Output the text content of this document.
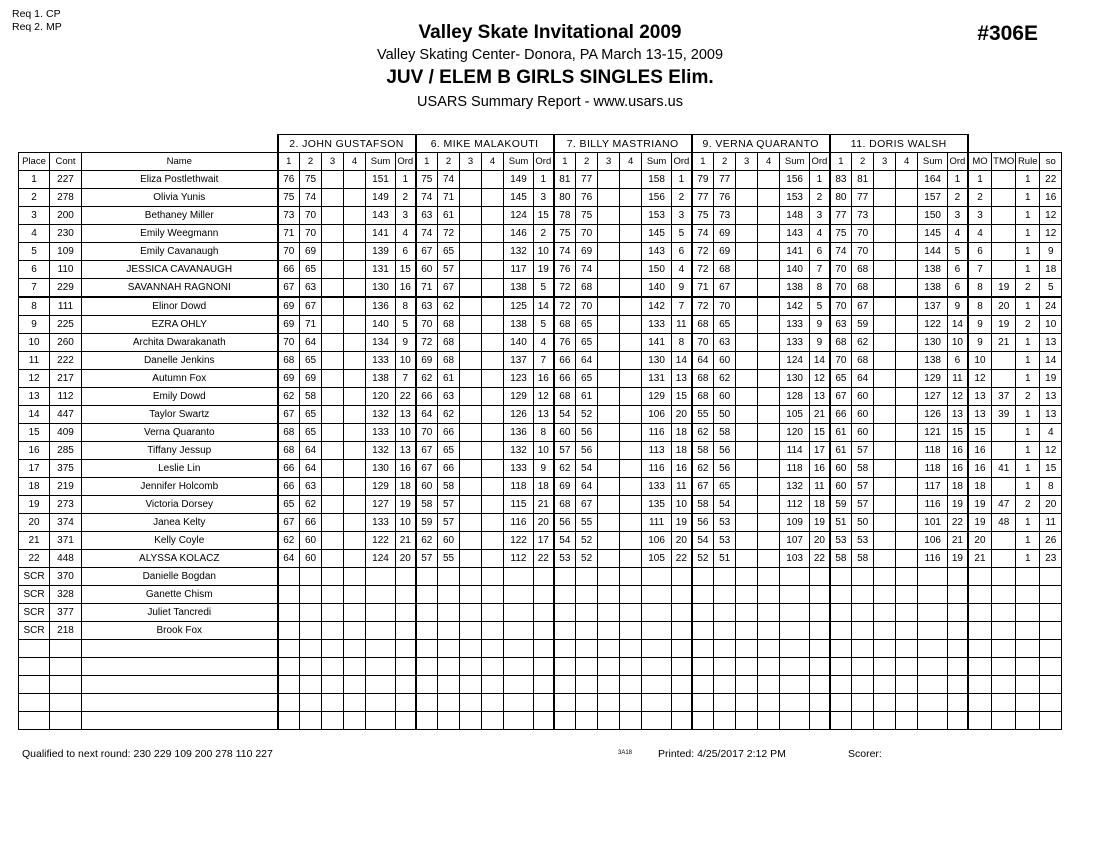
Req 1. CP
Req 2. MP	#306E
Valley Skate Invitational 2009
Valley Skating Center- Donora, PA March 13-15, 2009
JUV / ELEM B GIRLS SINGLES Elim.
USARS Summary Report - www.usars.us
			2. JOHN GUSTAFSON						6. MIKE MALAKOUTI						7. BILLY MASTRIANO						9. VERNA QUARANTO						11. DORIS WALSH									
Place	Cont	Name	1	2	3	4	Sum	Ord	1	2	3	4	Sum	Ord	1	2	3	4	Sum	Ord	1	2	3	4	Sum	Ord	1	2	3	4	Sum	Ord	MO	TMO	Rule	so
1	227	Eliza Postlethwait	76	75			151	1	75	74			149	1	81	77			158	1	79	77			156	1	83	81			164	1	1		1	22
2	278	Olivia Yunis	75	74			149	2	74	71			145	3	80	76			156	2	77	76			153	2	80	77			157	2	2		1	16
3	200	Bethaney Miller	73	70			143	3	63	61			124	15	78	75			153	3	75	73			148	3	77	73			150	3	3		1	12
4	230	Emily Weegmann	71	70			141	4	74	72			146	2	75	70			145	5	74	69			143	4	75	70			145	4	4		1	12
5	109	Emily Cavanaugh	70	69			139	6	67	65			132	10	74	69			143	6	72	69			141	6	74	70			144	5	6		1	9
6	110	JESSICA CAVANAUGH	66	65			131	15	60	57			117	19	76	74			150	4	72	68			140	7	70	68			138	6	7		1	18
7	229	SAVANNAH RAGNONI	67	63			130	16	71	67			138	5	72	68			140	9	71	67			138	8	70	68			138	6	8	19	2	5
8	111	Elinor Dowd	69	67			136	8	63	62			125	14	72	70			142	7	72	70			142	5	70	67			137	9	8	20	1	24
9	225	EZRA OHLY	69	71			140	5	70	68			138	5	68	65			133	11	68	65			133	9	63	59			122	14	9	19	2	10
10	260	Archita Dwarakanath	70	64			134	9	72	68			140	4	76	65			141	8	70	63			133	9	68	62			130	10	9	21	1	13
11	222	Danelle Jenkins	68	65			133	10	69	68			137	7	66	64			130	14	64	60			124	14	70	68			138	6	10		1	14
12	217	Autumn Fox	69	69			138	7	62	61			123	16	66	65			131	13	68	62			130	12	65	64			129	11	12		1	19
13	112	Emily Dowd	62	58			120	22	66	63			129	12	68	61			129	15	68	60			128	13	67	60			127	12	13	37	2	13
14	447	Taylor Swartz	67	65			132	13	64	62			126	13	54	52			106	20	55	50			105	21	66	60			126	13	13	39	1	13
15	409	Verna Quaranto	68	65			133	10	70	66			136	8	60	56			116	18	62	58			120	15	61	60			121	15	15		1	4
16	285	Tiffany Jessup	68	64			132	13	67	65			132	10	57	56			113	18	58	56			114	17	61	57			118	16	16		1	12
17	375	Leslie Lin	66	64			130	16	67	66			133	9	62	54			116	16	62	56			118	16	60	58			118	16	16	41	1	15
18	219	Jennifer Holcomb	66	63			129	18	60	58			118	18	69	64			133	11	67	65			132	11	60	57			117	18	18		1	8
19	273	Victoria Dorsey	65	62			127	19	58	57			115	21	68	67			135	10	58	54			112	18	59	57			116	19	19	47	2	20
20	374	Janea Kelty	67	66			133	10	59	57			116	20	56	55			111	19	56	53			109	19	51	50			101	22	19	48	1	11
21	371	Kelly Coyle	62	60			122	21	62	60			122	17	54	52			106	20	54	53			107	20	53	53			106	21	20		1	26
22	448	ALYSSA KOLACZ	64	60			124	20	57	55			112	22	53	52			105	22	52	51			103	22	58	58			116	19	21		1	23
SCR	370	Danielle Bogdan																																		
SCR	328	Ganette Chism																																		
SCR	377	Juliet Tancredi																																		
SCR	218	Brook Fox																																		

Qualified to next round: 230 229 109 200 278 110 227	3A18 Printed: 4/25/2017 2:12 PM	Scorer:
